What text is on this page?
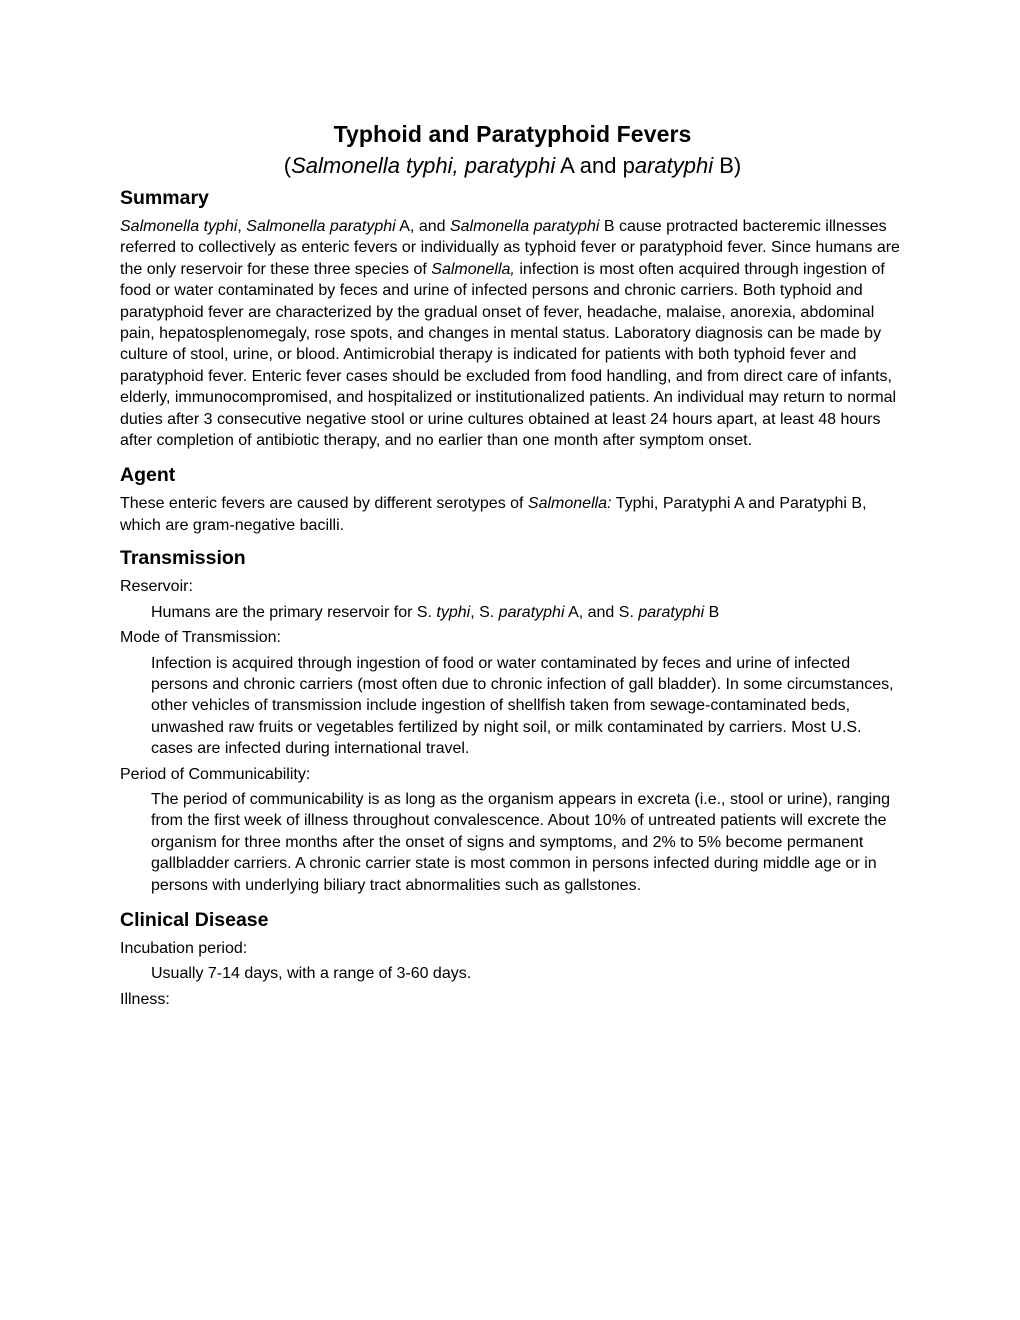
Typhoid and Paratyphoid Fevers
(Salmonella typhi, paratyphi A and paratyphi B)
Summary

Salmonella typhi, Salmonella paratyphi A, and Salmonella paratyphi B cause protracted bacteremic illnesses referred to collectively as enteric fevers or individually as typhoid fever or paratyphoid fever. Since humans are the only reservoir for these three species of Salmonella, infection is most often acquired through ingestion of food or water contaminated by feces and urine of infected persons and chronic carriers. Both typhoid and paratyphoid fever are characterized by the gradual onset of fever, headache, malaise, anorexia, abdominal pain, hepatosplenomegaly, rose spots, and changes in mental status. Laboratory diagnosis can be made by culture of stool, urine, or blood. Antimicrobial therapy is indicated for patients with both typhoid fever and paratyphoid fever. Enteric fever cases should be excluded from food handling, and from direct care of infants, elderly, immunocompromised, and hospitalized or institutionalized patients. An individual may return to normal duties after 3 consecutive negative stool or urine cultures obtained at least 24 hours apart, at least 48 hours after completion of antibiotic therapy, and no earlier than one month after symptom onset.

Agent

These enteric fevers are caused by different serotypes of Salmonella: Typhi, Paratyphi A and Paratyphi B, which are gram-negative bacilli.

Transmission

Reservoir:

Humans are the primary reservoir for S. typhi, S. paratyphi A, and S. paratyphi B

Mode of Transmission:

Infection is acquired through ingestion of food or water contaminated by feces and urine of infected persons and chronic carriers (most often due to chronic infection of gall bladder). In some circumstances, other vehicles of transmission include ingestion of shellfish taken from sewage-contaminated beds, unwashed raw fruits or vegetables fertilized by night soil, or milk contaminated by carriers. Most U.S. cases are infected during international travel.

Period of Communicability:

The period of communicability is as long as the organism appears in excreta (i.e., stool or urine), ranging from the first week of illness throughout convalescence. About 10% of untreated patients will excrete the organism for three months after the onset of signs and symptoms, and 2% to 5% become permanent gallbladder carriers. A chronic carrier state is most common in persons infected during middle age or in persons with underlying biliary tract abnormalities such as gallstones.

Clinical Disease

Incubation period:

Usually 7-14 days, with a range of 3-60 days.

Illness:
